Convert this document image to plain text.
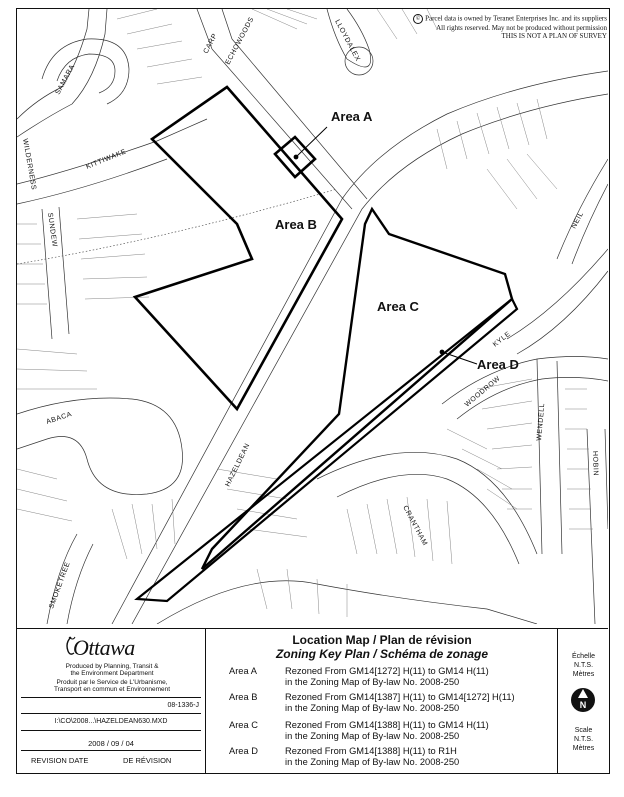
Area A
Area B
Area C
Area D
SAMARA
WILDERNESS	KITTIWAKE
CARP ECHOWOODS	LLOYDALEX
SUNDEW	NEIL
KYLE
WOODROW
WENDELL
HOBIN
ABACA
HAZELDEAN
CRANTHAM
SMOKETREE
© Parcel data is owned by Teranet Enterprises Inc. and its suppliers
All rights reserved. May not be produced without permission
THIS IS NOT A PLAN OF SURVEY
Ottawa
Produced by Planning, Transit &
the Environment Department
Produit par le Service de L'Urbanisme,
Transport en commun et Environnement
08-1336-J
I:\CO\2008...\HAZELDEAN630.MXD
2008 / 09 / 04
REVISION DATE	DE RÉVISION
Location Map / Plan de révision
Zoning Key Plan / Schéma de zonage
Area A	Rezoned From GM14[1272] H(11) to GM14 H(11)
in the Zoning Map of By-law No. 2008-250
Area B	Rezoned From GM14[1387] H(11) to GM14[1272] H(11)
in the Zoning Map of By-law No. 2008-250
Area C	Rezoned From GM14[1388] H(11) to GM14 H(11)
in the Zoning Map of By-law No. 2008-250
Area D	Rezoned From GM14[1388] H(11) to R1H
in the Zoning Map of By-law No. 2008-250
Échelle
N.T.S.
Mètres
N
Scale
N.T.S.
Mètres
